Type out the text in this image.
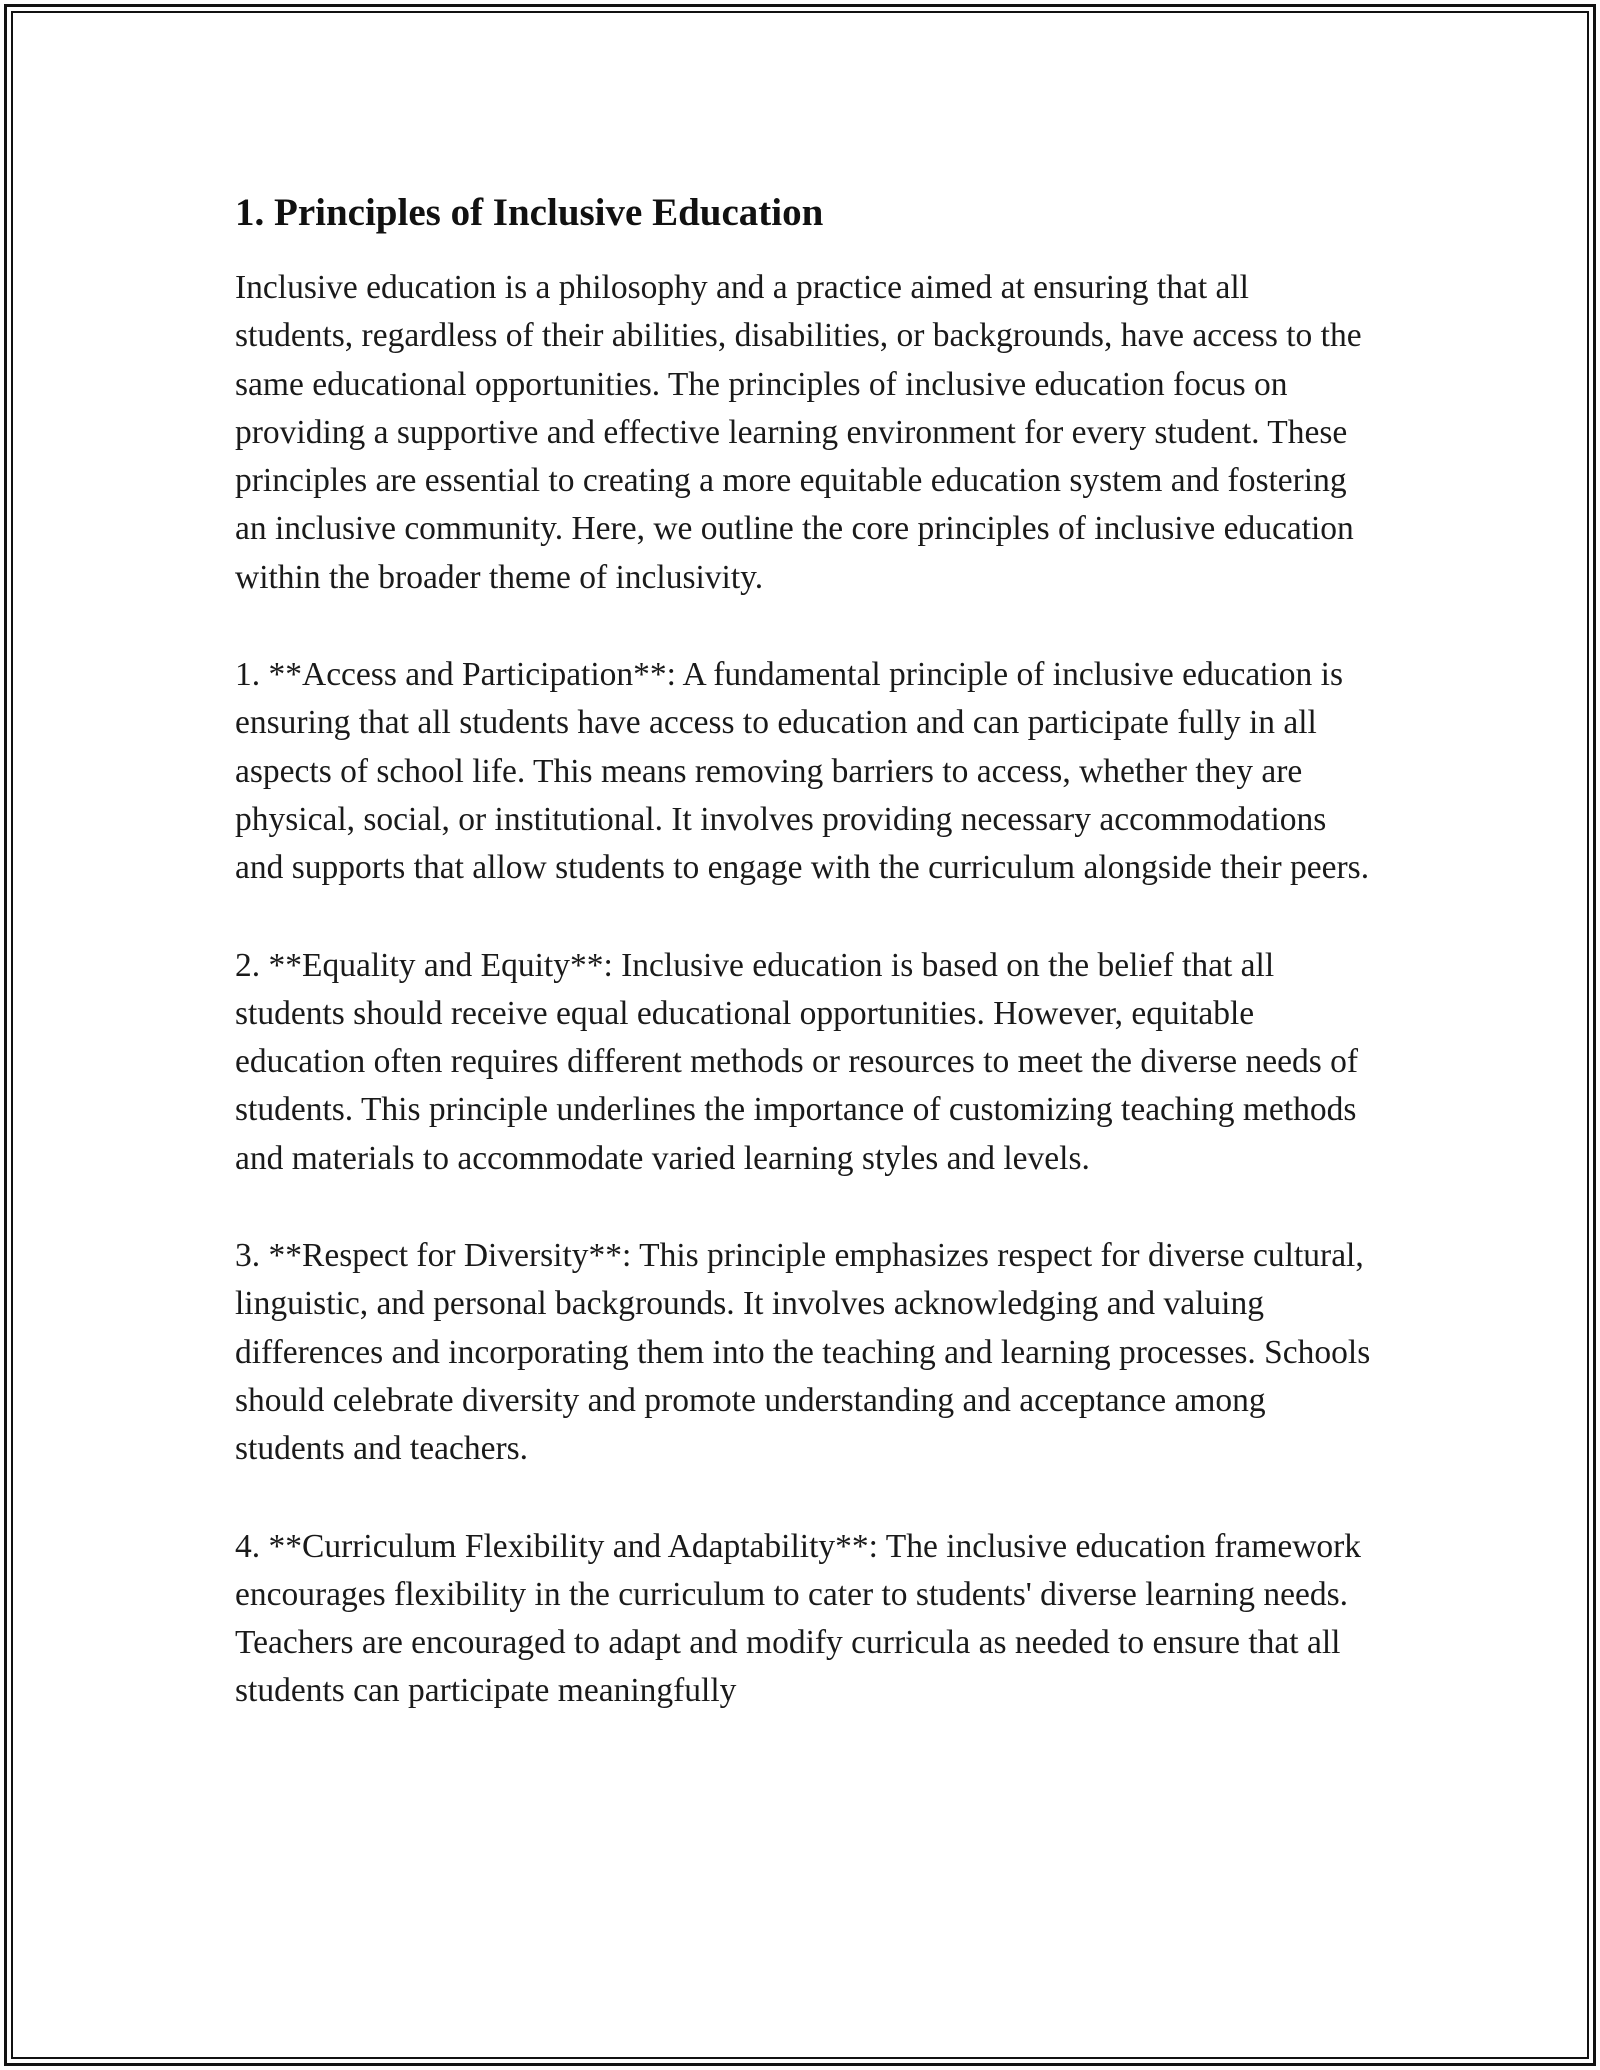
1. Principles of Inclusive Education

Inclusive education is a philosophy and a practice aimed at ensuring that all students, regardless of their abilities, disabilities, or backgrounds, have access to the same educational opportunities. The principles of inclusive education focus on providing a supportive and effective learning environment for every student. These principles are essential to creating a more equitable education system and fostering an inclusive community. Here, we outline the core principles of inclusive education within the broader theme of inclusivity.

1. **Access and Participation**: A fundamental principle of inclusive education is ensuring that all students have access to education and can participate fully in all aspects of school life. This means removing barriers to access, whether they are physical, social, or institutional. It involves providing necessary accommodations and supports that allow students to engage with the curriculum alongside their peers.

2. **Equality and Equity**: Inclusive education is based on the belief that all students should receive equal educational opportunities. However, equitable education often requires different methods or resources to meet the diverse needs of students. This principle underlines the importance of customizing teaching methods and materials to accommodate varied learning styles and levels.

3. **Respect for Diversity**: This principle emphasizes respect for diverse cultural, linguistic, and personal backgrounds. It involves acknowledging and valuing differences and incorporating them into the teaching and learning processes. Schools should celebrate diversity and promote understanding and acceptance among students and teachers.

4. **Curriculum Flexibility and Adaptability**: The inclusive education framework encourages flexibility in the curriculum to cater to students' diverse learning needs. Teachers are encouraged to adapt and modify curricula as needed to ensure that all students can participate meaningfully
